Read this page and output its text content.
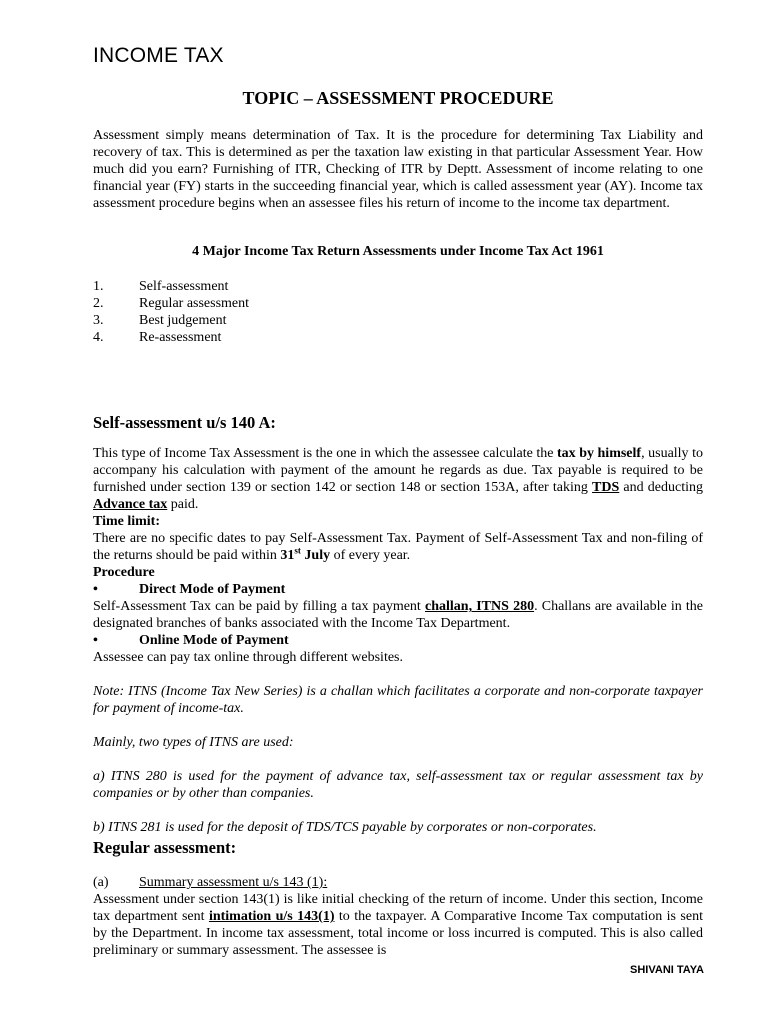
INCOME TAX
TOPIC – ASSESSMENT PROCEDURE

Assessment simply means determination of Tax. It is the procedure for determining Tax Liability and recovery of tax. This is determined as per the taxation law existing in that particular Assessment Year. How much did you earn? Furnishing of ITR, Checking of ITR by Deptt. Assessment of income relating to one financial year (FY) starts in the succeeding financial year, which is called assessment year (AY). Income tax assessment procedure begins when an assessee files his return of income to the income tax department.

4 Major Income Tax Return Assessments under Income Tax Act 1961
1.	Self-assessment
2.	Regular assessment
3.	Best judgement
4.	Re-assessment
Self-assessment u/s 140 A:

This type of Income Tax Assessment is the one in which the assessee calculate the tax by himself, usually to accompany his calculation with payment of the amount he regards as due. Tax payable is required to be furnished under section 139 or section 142 or section 148 or section 153A, after taking TDS and deducting Advance tax paid.

Time limit:

There are no specific dates to pay Self-Assessment Tax. Payment of Self-Assessment Tax and non-filing of the returns should be paid within 31st July of every year.

Procedure
•	Direct Mode of Payment

Self-Assessment Tax can be paid by filling a tax payment challan, ITNS 280. Challans are available in the designated branches of banks associated with the Income Tax Department.

•	Online Mode of Payment

Assessee can pay tax online through different websites.

Note: ITNS (Income Tax New Series) is a challan which facilitates a corporate and non-corporate taxpayer for payment of income-tax.

Mainly, two types of ITNS are used:

a) ITNS 280 is used for the payment of advance tax, self-assessment tax or regular assessment tax by companies or by other than companies.

b) ITNS 281 is used for the deposit of TDS/TCS payable by corporates or non-corporates.

Regular assessment:
(a)	Summary assessment u/s 143 (1):

Assessment under section 143(1) is like initial checking of the return of income. Under this section, Income tax department sent intimation u/s 143(1) to the taxpayer. A Comparative Income Tax computation is sent by the Department. In income tax assessment, total income or loss incurred is computed. This is also called preliminary or summary assessment. The assessee is

SHIVANI TAYA
